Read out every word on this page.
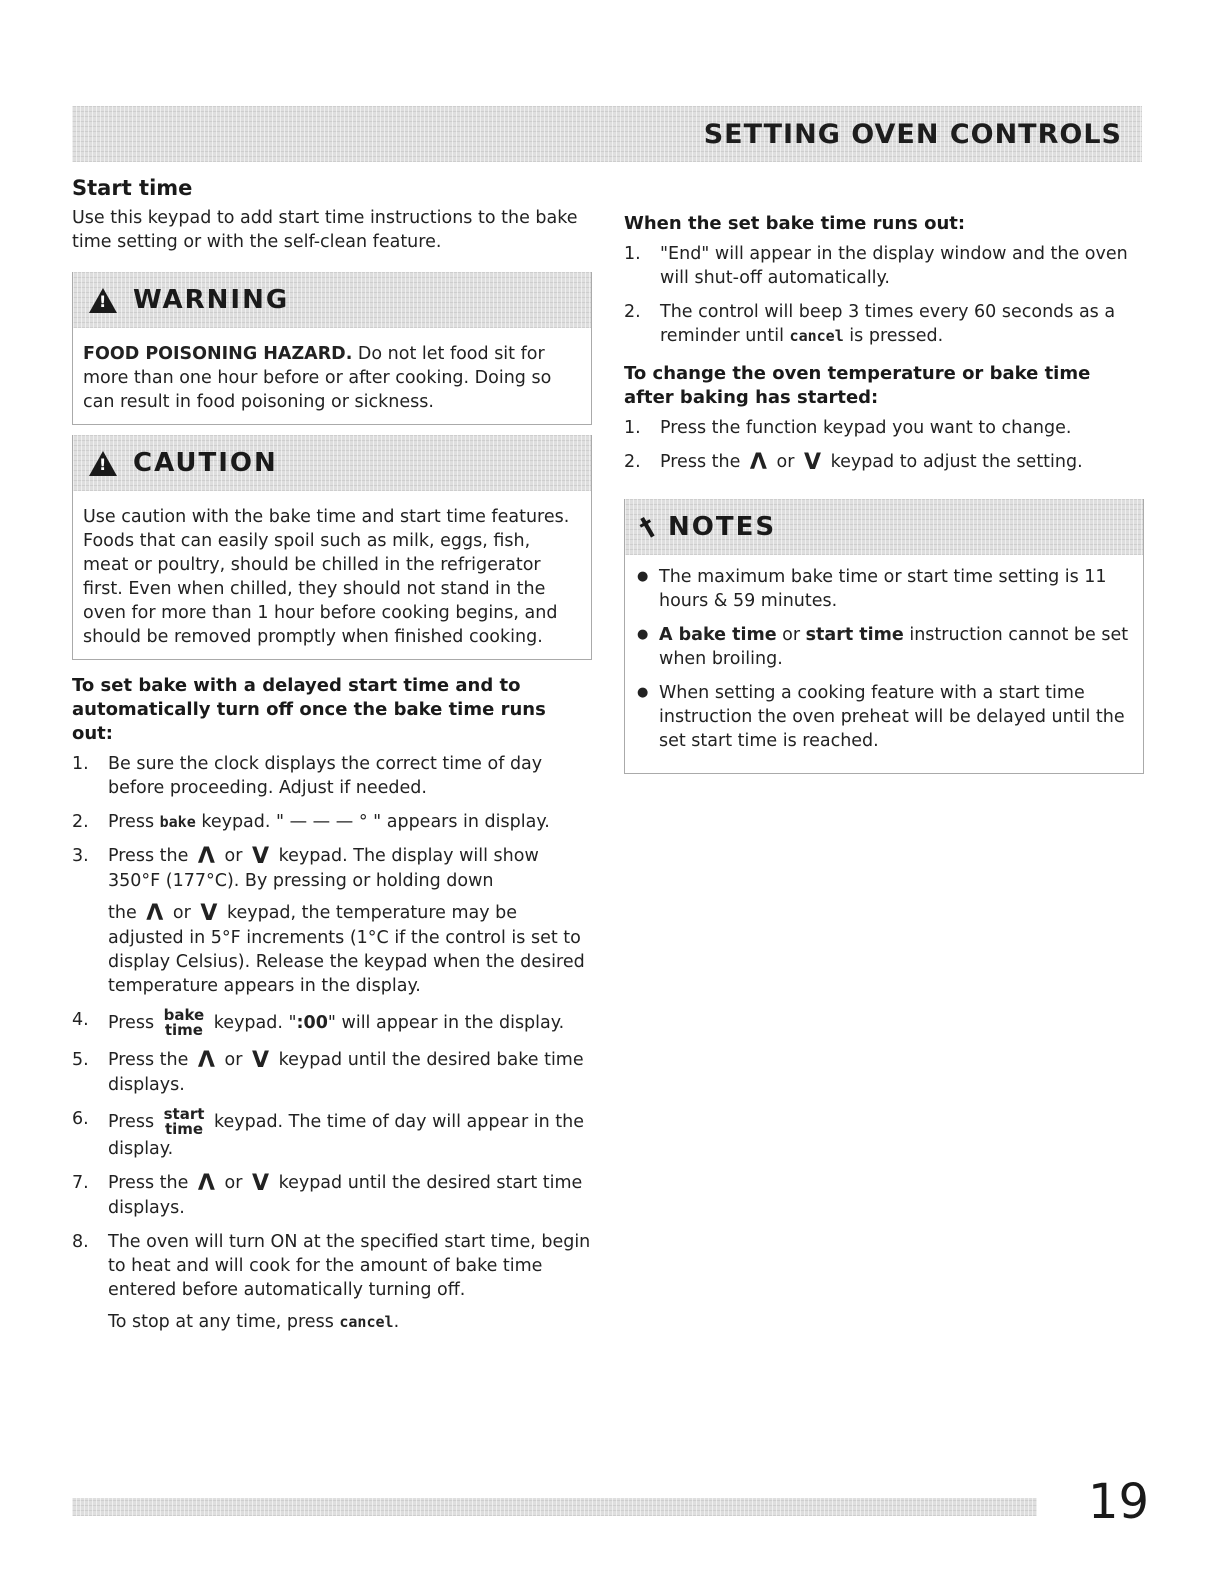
SETTING OVEN CONTROLS
Start time

Use this keypad to add start time instructions to the bake time setting or with the self-clean feature.

!
WARNING
FOOD POISONING HAZARD. Do not let food sit for more than one hour before or after cooking. Doing so can result in food poisoning or sickness.
!
CAUTION
Use caution with the bake time and start time features. Foods that can easily spoil such as milk, eggs, fish, meat or poultry, should be chilled in the refrigerator first. Even when chilled, they should not stand in the oven for more than 1 hour before cooking begins, and should be removed promptly when finished cooking.
To set bake with a delayed start time and to automatically turn off once the bake time runs out:
1. Be sure the clock displays the correct time of day before proceeding. Adjust if needed.
2. Press bake keypad. " — — — ° " appears in display.
3. Press the Λ or V keypad. The display will show 350°F (177°C). By pressing or holding down
the Λ or V keypad, the temperature may be adjusted in 5°F increments (1°C if the control is set to display Celsius). Release the keypad when the desired temperature appears in the display.
4. Press bake
time keypad. ":00" will appear in the display.
5. Press the Λ or V keypad until the desired bake time displays.
6. Press start
time keypad. The time of day will appear in the display.
7. Press the Λ or V keypad until the desired start time displays.
8. The oven will turn ON at the specified start time, begin to heat and will cook for the amount of bake time entered before automatically turning off.
To stop at any time, press cancel.
When the set bake time runs out:
1. "End" will appear in the display window and the oven will shut-off automatically.
2. The control will beep 3 times every 60 seconds as a reminder until cancel is pressed.
To change the oven temperature or bake time after baking has started:
1. Press the function keypad you want to change.
2. Press the Λ or V keypad to adjust the setting.
† NOTES
● The maximum bake time or start time setting is 11 hours & 59 minutes.
● A bake time or start time instruction cannot be set when broiling.
● When setting a cooking feature with a start time instruction the oven preheat will be delayed until the set start time is reached.
19
